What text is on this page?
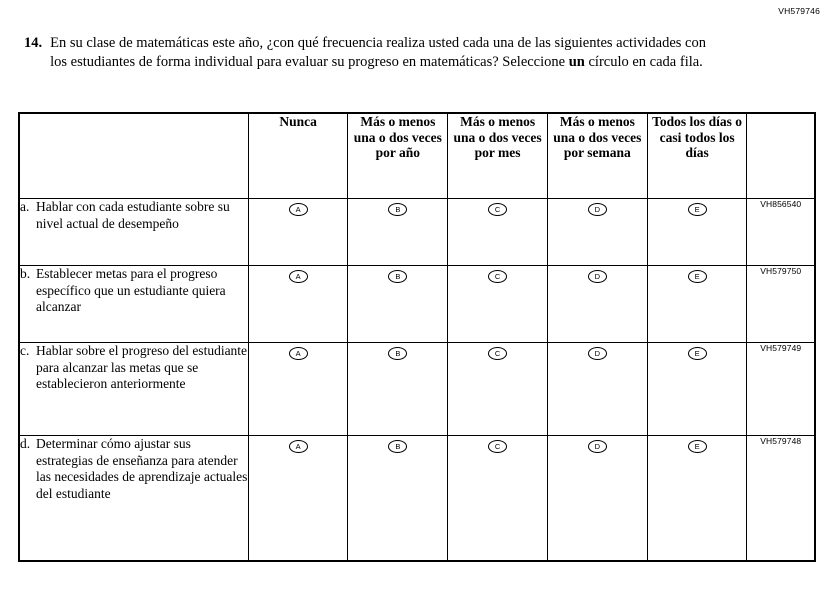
VH579746
14. En su clase de matemáticas este año, ¿con qué frecuencia realiza usted cada una de las siguientes actividades con los estudiantes de forma individual para evaluar su progreso en matemáticas? Seleccione un círculo en cada fila.
	Nunca	Más o menos una o dos veces por año	Más o menos una o dos veces por mes	Más o menos una o dos veces por semana	Todos los días o casi todos los días	

a. Hablar con cada estudiante sobre su nivel actual de desempeño	A	B	C	D	E	VH856540

b. Establecer metas para el progreso específico que un estudiante quiera alcanzar	A	B	C	D	E	VH579750

c. Hablar sobre el progreso del estudiante para alcanzar las metas que se establecieron anteriormente	A	B	C	D	E	VH579749

d. Determinar cómo ajustar sus estrategias de enseñanza para atender las necesidades de aprendizaje actuales del estudiante	A	B	C	D	E	VH579748
